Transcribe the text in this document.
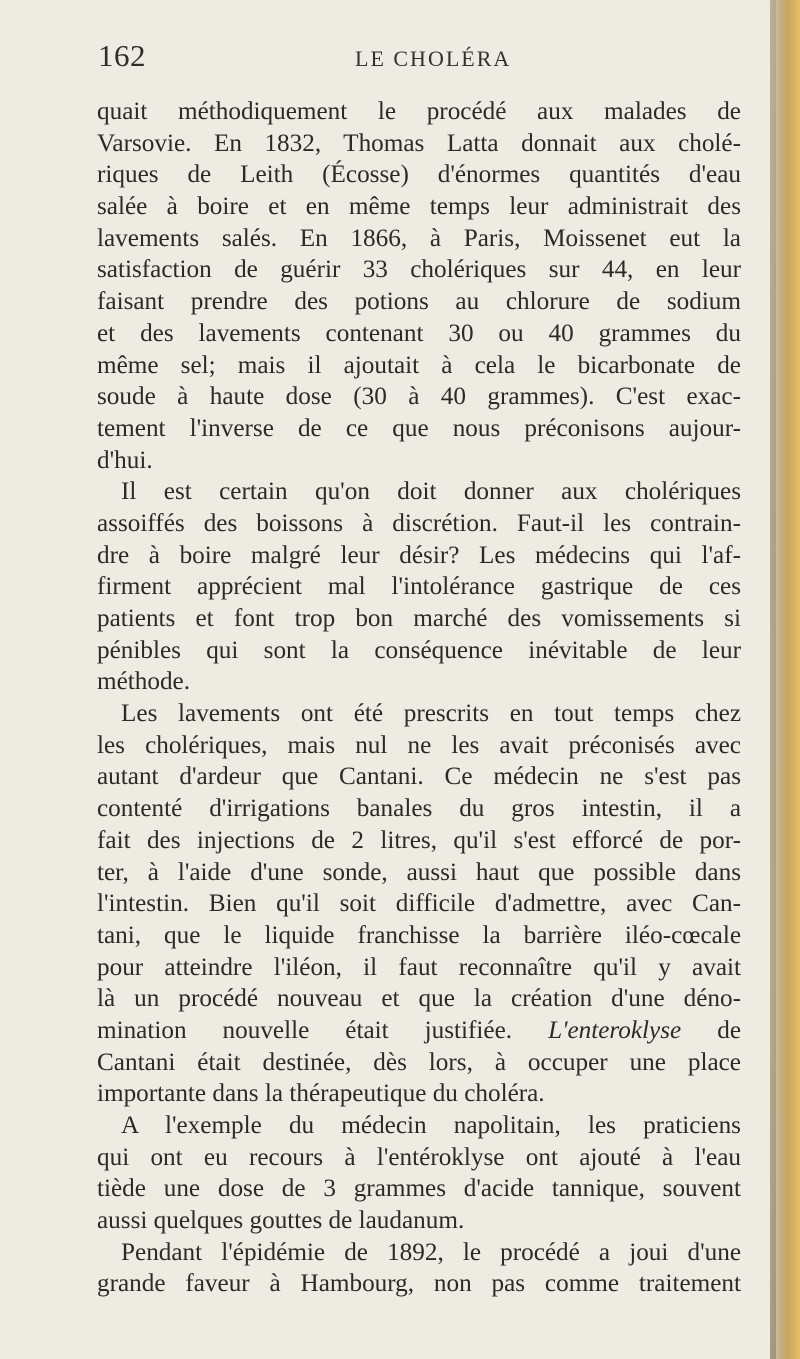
162	LE CHOLÉRA
quait méthodiquement le procédé aux malades de
Varsovie. En 1832, Thomas Latta donnait aux cholé-
riques de Leith (Écosse) d'énormes quantités d'eau
salée à boire et en même temps leur administrait des
lavements salés. En 1866, à Paris, Moissenet eut la
satisfaction de guérir 33 cholériques sur 44, en leur
faisant prendre des potions au chlorure de sodium
et des lavements contenant 30 ou 40 grammes du
même sel; mais il ajoutait à cela le bicarbonate de
soude à haute dose (30 à 40 grammes). C'est exac-
tement l'inverse de ce que nous préconisons aujour-
d'hui.
Il est certain qu'on doit donner aux cholériques
assoiffés des boissons à discrétion. Faut-il les contrain-
dre à boire malgré leur désir? Les médecins qui l'af-
firment apprécient mal l'intolérance gastrique de ces
patients et font trop bon marché des vomissements si
pénibles qui sont la conséquence inévitable de leur
méthode.
Les lavements ont été prescrits en tout temps chez
les cholériques, mais nul ne les avait préconisés avec
autant d'ardeur que Cantani. Ce médecin ne s'est pas
contenté d'irrigations banales du gros intestin, il a
fait des injections de 2 litres, qu'il s'est efforcé de por-
ter, à l'aide d'une sonde, aussi haut que possible dans
l'intestin. Bien qu'il soit difficile d'admettre, avec Can-
tani, que le liquide franchisse la barrière iléo-cœcale
pour atteindre l'iléon, il faut reconnaître qu'il y avait
là un procédé nouveau et que la création d'une déno-
mination nouvelle était justifiée. L'enteroklyse de
Cantani était destinée, dès lors, à occuper une place
importante dans la thérapeutique du choléra.
A l'exemple du médecin napolitain, les praticiens
qui ont eu recours à l'entéroklyse ont ajouté à l'eau
tiède une dose de 3 grammes d'acide tannique, souvent
aussi quelques gouttes de laudanum.
Pendant l'épidémie de 1892, le procédé a joui d'une
grande faveur à Hambourg, non pas comme traitement
